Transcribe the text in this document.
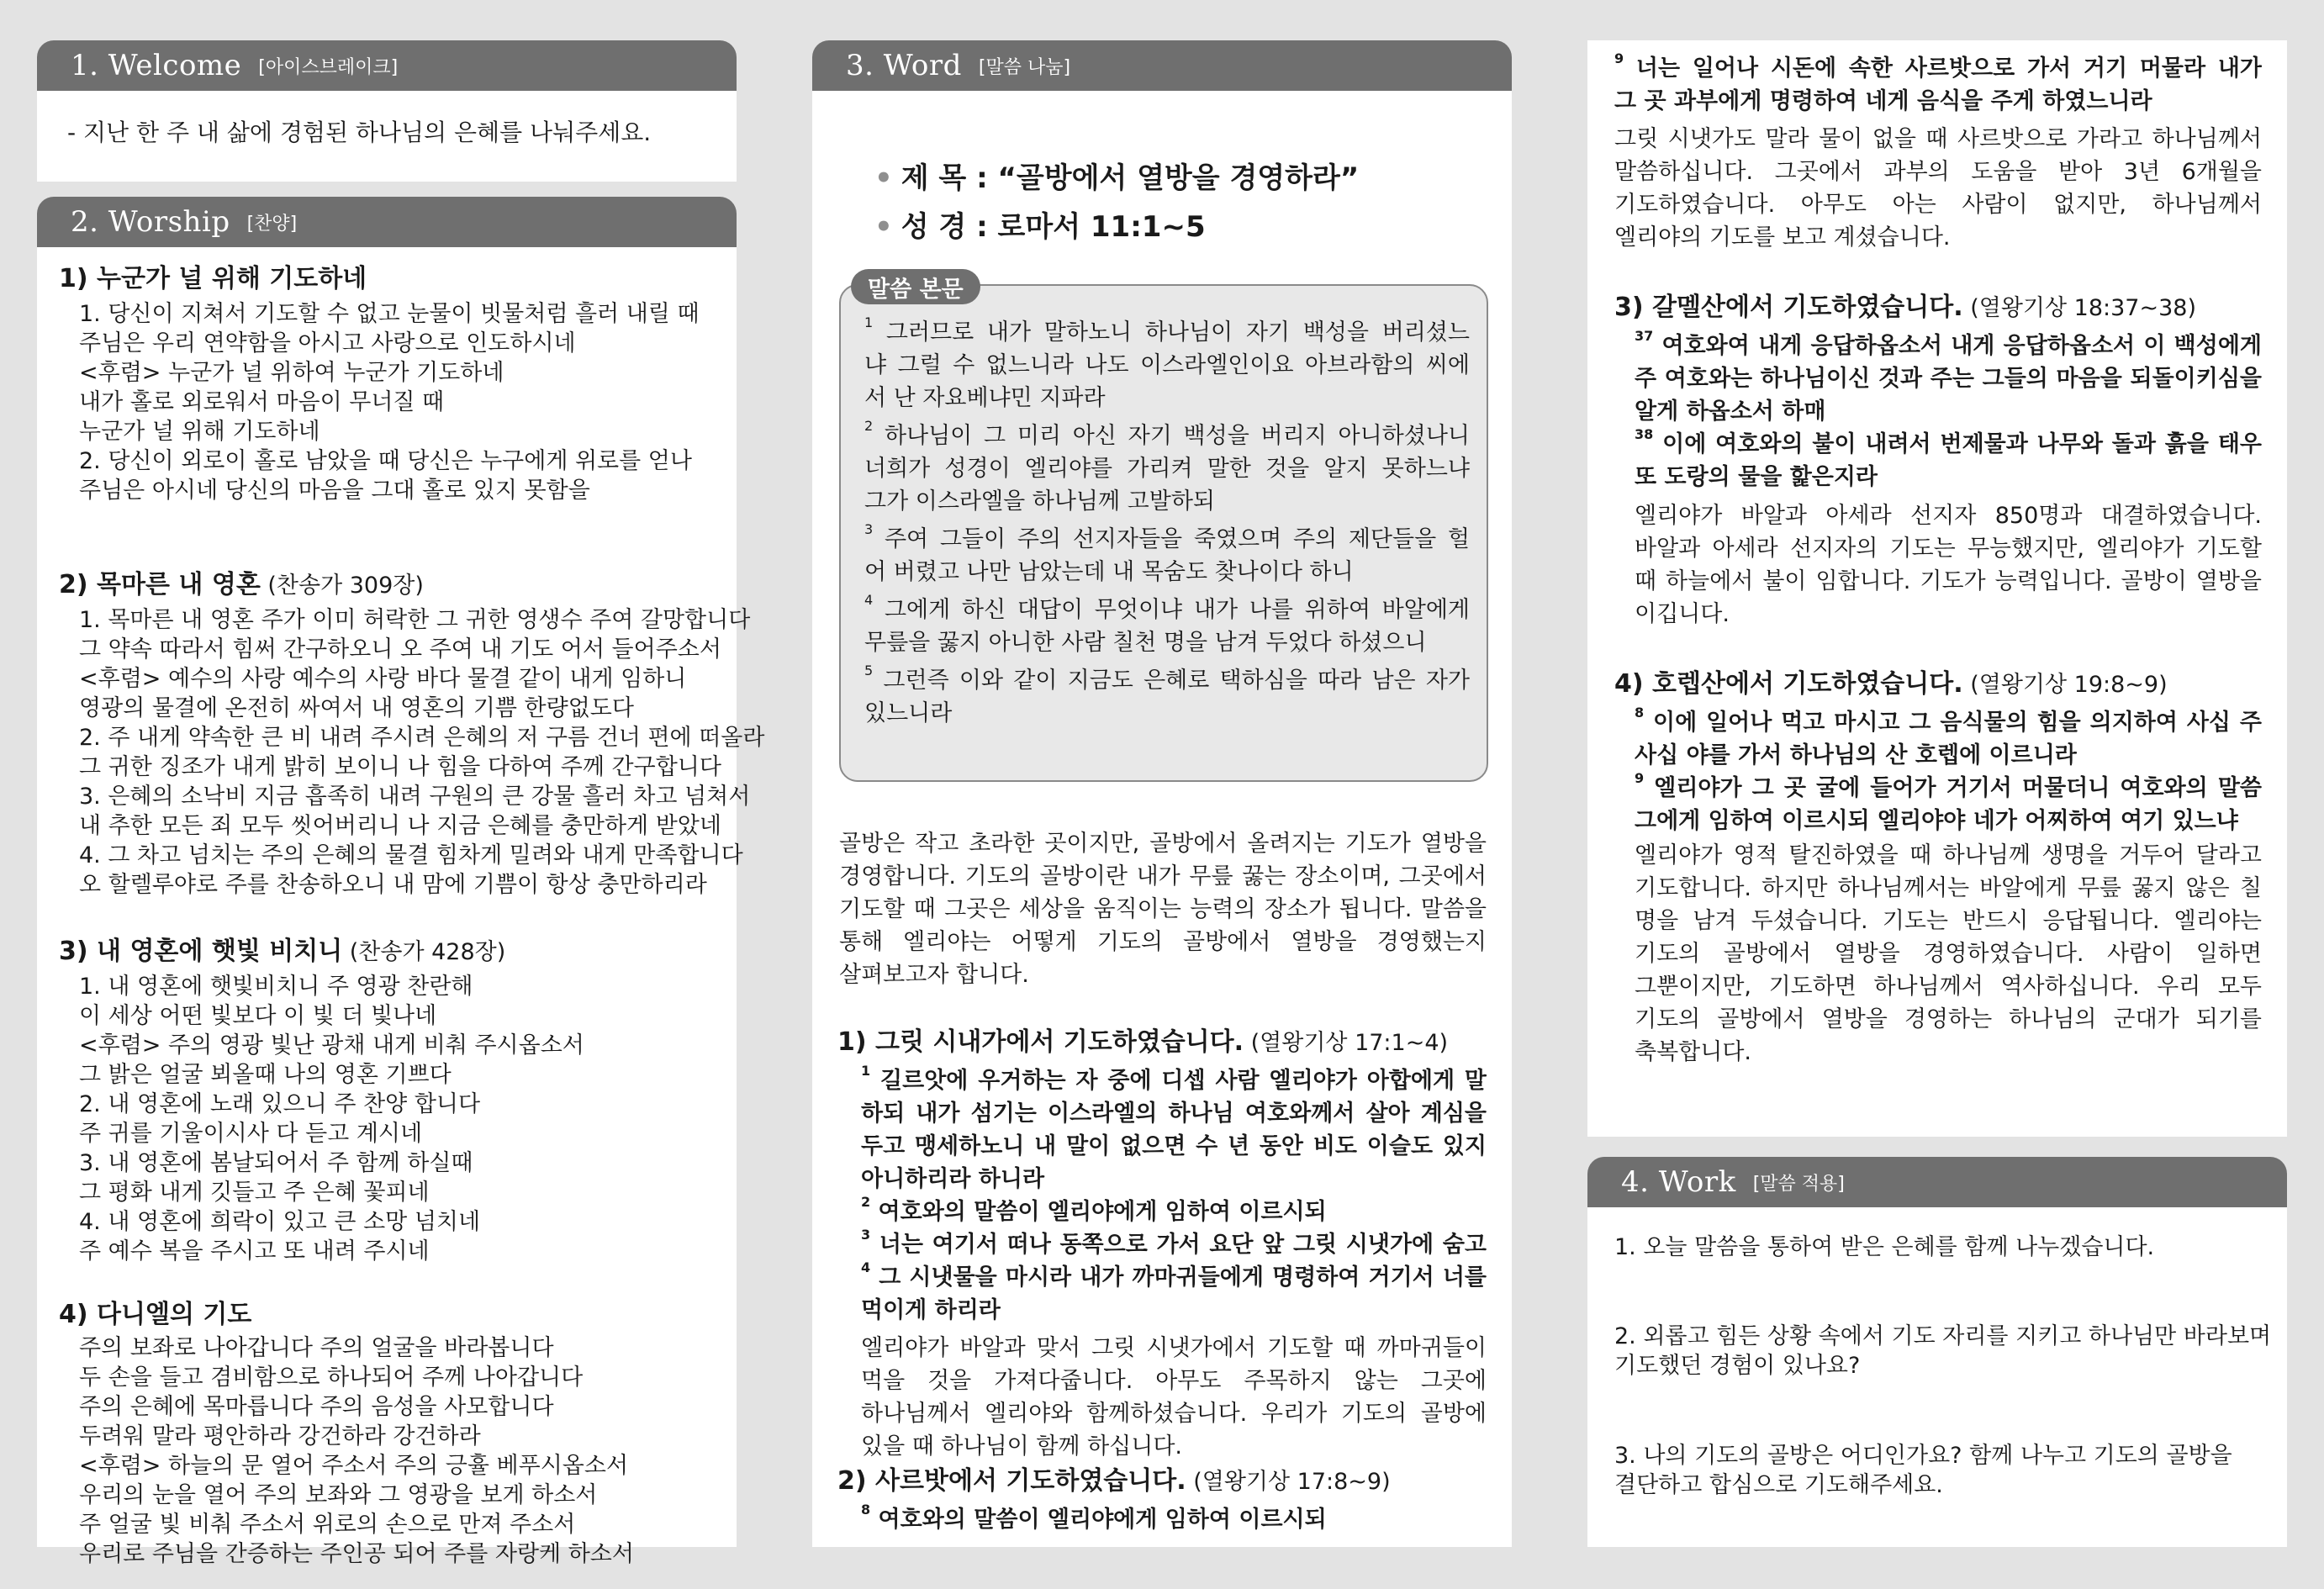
1. Welcome [아이스브레이크]
- 지난 한 주 내 삶에 경험된 하나님의 은혜를 나눠주세요.
2. Worship [찬양]
1) 누군가 널 위해 기도하네
1. 당신이 지쳐서 기도할 수 없고 눈물이 빗물처럼 흘러 내릴 때
주님은 우리 연약함을 아시고 사랑으로 인도하시네
<후렴> 누군가 널 위하여 누군가 기도하네
내가 홀로 외로워서 마음이 무너질 때
누군가 널 위해 기도하네
2. 당신이 외로이 홀로 남았을 때 당신은 누구에게 위로를 얻나
주님은 아시네 당신의 마음을 그대 홀로 있지 못함을
2) 목마른 내 영혼 (찬송가 309장)
1. 목마른 내 영혼 주가 이미 허락한 그 귀한 영생수 주여 갈망합니다
그 약속 따라서 힘써 간구하오니 오 주여 내 기도 어서 들어주소서
<후렴> 예수의 사랑 예수의 사랑 바다 물결 같이 내게 임하니
영광의 물결에 온전히 싸여서 내 영혼의 기쁨 한량없도다
2. 주 내게 약속한 큰 비 내려 주시려 은혜의 저 구름 건너 편에 떠올라
그 귀한 징조가 내게 밝히 보이니 나 힘을 다하여 주께 간구합니다
3. 은혜의 소낙비 지금 흡족히 내려 구원의 큰 강물 흘러 차고 넘쳐서
내 추한 모든 죄 모두 씻어버리니 나 지금 은혜를 충만하게 받았네
4. 그 차고 넘치는 주의 은혜의 물결 힘차게 밀려와 내게 만족합니다
오 할렐루야로 주를 찬송하오니 내 맘에 기쁨이 항상 충만하리라
3) 내 영혼에 햇빛 비치니 (찬송가 428장)
1. 내 영혼에 햇빛비치니 주 영광 찬란해
이 세상 어떤 빛보다 이 빛 더 빛나네
<후렴> 주의 영광 빛난 광채 내게 비춰 주시옵소서
그 밝은 얼굴 뵈올때 나의 영혼 기쁘다
2. 내 영혼에 노래 있으니 주 찬양 합니다
주 귀를 기울이시사 다 듣고 계시네
3. 내 영혼에 봄날되어서 주 함께 하실때
그 평화 내게 깃들고 주 은혜 꽃피네
4. 내 영혼에 희락이 있고 큰 소망 넘치네
주 예수 복을 주시고 또 내려 주시네
4) 다니엘의 기도
주의 보좌로 나아갑니다 주의 얼굴을 바라봅니다
두 손을 들고 겸비함으로 하나되어 주께 나아갑니다
주의 은혜에 목마릅니다 주의 음성을 사모합니다
두려워 말라 평안하라 강건하라 강건하라
<후렴> 하늘의 문 열어 주소서 주의 긍휼 베푸시옵소서
우리의 눈을 열어 주의 보좌와 그 영광을 보게 하소서
주 얼굴 빛 비춰 주소서 위로의 손으로 만져 주소서
우리로 주님을 간증하는 주인공 되어 주를 자랑케 하소서
3. Word [말씀 나눔]
• 제 목 : “골방에서 열방을 경영하라”
• 성 경 : 로마서 11:1~5
$^1$ 그러므로 내가 말하노니 하나님이 자기 백성을 버리셨느
냐 그럴 수 없느니라 나도 이스라엘인이요 아브라함의 씨에
서 난 자요베냐민 지파라
$^2$ 하나님이 그 미리 아신 자기 백성을 버리지 아니하셨나니
너희가 성경이 엘리야를 가리켜 말한 것을 알지 못하느냐
그가 이스라엘을 하나님께 고발하되
$^3$ 주여 그들이 주의 선지자들을 죽였으며 주의 제단들을 헐
어 버렸고 나만 남았는데 내 목숨도 찾나이다 하니
$^4$ 그에게 하신 대답이 무엇이냐 내가 나를 위하여 바알에게
무릎을 꿇지 아니한 사람 칠천 명을 남겨 두었다 하셨으니
$^5$ 그런즉 이와 같이 지금도 은혜로 택하심을 따라 남은 자가
있느니라
말씀 본문
골방은 작고 초라한 곳이지만, 골방에서 올려지는 기도가 열방을
경영합니다. 기도의 골방이란 내가 무릎 꿇는 장소이며, 그곳에서
기도할 때 그곳은 세상을 움직이는 능력의 장소가 됩니다. 말씀을
통해 엘리야는 어떻게 기도의 골방에서 열방을 경영했는지
살펴보고자 합니다.
1) 그릿 시내가에서 기도하였습니다. (열왕기상 17:1~4)
$^1$ 길르앗에 우거하는 자 중에 디셉 사람 엘리야가 아합에게 말
하되 내가 섬기는 이스라엘의 하나님 여호와께서 살아 계심을
두고 맹세하노니 내 말이 없으면 수 년 동안 비도 이슬도 있지
아니하리라 하니라
$^2$ 여호와의 말씀이 엘리야에게 임하여 이르시되
$^3$ 너는 여기서 떠나 동쪽으로 가서 요단 앞 그릿 시냇가에 숨고
$^4$ 그 시냇물을 마시라 내가 까마귀들에게 명령하여 거기서 너를
먹이게 하리라
엘리야가 바알과 맞서 그릿 시냇가에서 기도할 때 까마귀들이
먹을 것을 가져다줍니다. 아무도 주목하지 않는 그곳에
하나님께서 엘리야와 함께하셨습니다. 우리가 기도의 골방에
있을 때 하나님이 함께 하십니다.
2) 사르밧에서 기도하였습니다. (열왕기상 17:8~9)
$^8$ 여호와의 말씀이 엘리야에게 임하여 이르시되
$^9$ 너는 일어나 시돈에 속한 사르밧으로 가서 거기 머물라 내가
그 곳 과부에게 명령하여 네게 음식을 주게 하였느니라
그릿 시냇가도 말라 물이 없을 때 사르밧으로 가라고 하나님께서
말씀하십니다. 그곳에서 과부의 도움을 받아 3년 6개월을
기도하였습니다. 아무도 아는 사람이 없지만, 하나님께서
엘리야의 기도를 보고 계셨습니다.
3) 갈멜산에서 기도하였습니다. (열왕기상 18:37~38)
$^{37}$ 여호와여 내게 응답하옵소서 내게 응답하옵소서 이 백성에게
주 여호와는 하나님이신 것과 주는 그들의 마음을 되돌이키심을
알게 하옵소서 하매
$^{38}$ 이에 여호와의 불이 내려서 번제물과 나무와 돌과 흙을 태우
또 도랑의 물을 핥은지라
엘리야가 바알과 아세라 선지자 850명과 대결하였습니다.
바알과 아세라 선지자의 기도는 무능했지만, 엘리야가 기도할
때 하늘에서 불이 임합니다. 기도가 능력입니다. 골방이 열방을
이깁니다.
4) 호렙산에서 기도하였습니다. (열왕기상 19:8~9)
$^8$ 이에 일어나 먹고 마시고 그 음식물의 힘을 의지하여 사십 주
사십 야를 가서 하나님의 산 호렙에 이르니라
$^9$ 엘리야가 그 곳 굴에 들어가 거기서 머물더니 여호와의 말씀
그에게 임하여 이르시되 엘리야야 네가 어찌하여 여기 있느냐
엘리야가 영적 탈진하였을 때 하나님께 생명을 거두어 달라고
기도합니다. 하지만 하나님께서는 바알에게 무릎 꿇지 않은 칠
명을 남겨 두셨습니다. 기도는 반드시 응답됩니다. 엘리야는
기도의 골방에서 열방을 경영하였습니다. 사람이 일하면
그뿐이지만, 기도하면 하나님께서 역사하십니다. 우리 모두
기도의 골방에서 열방을 경영하는 하나님의 군대가 되기를
축복합니다.
4. Work [말씀 적용]
1. 오늘 말씀을 통하여 받은 은혜를 함께 나누겠습니다.
2. 외롭고 힘든 상황 속에서 기도 자리를 지키고 하나님만 바라보며
기도했던 경험이 있나요?
3. 나의 기도의 골방은 어디인가요? 함께 나누고 기도의 골방을
결단하고 합심으로 기도해주세요.
